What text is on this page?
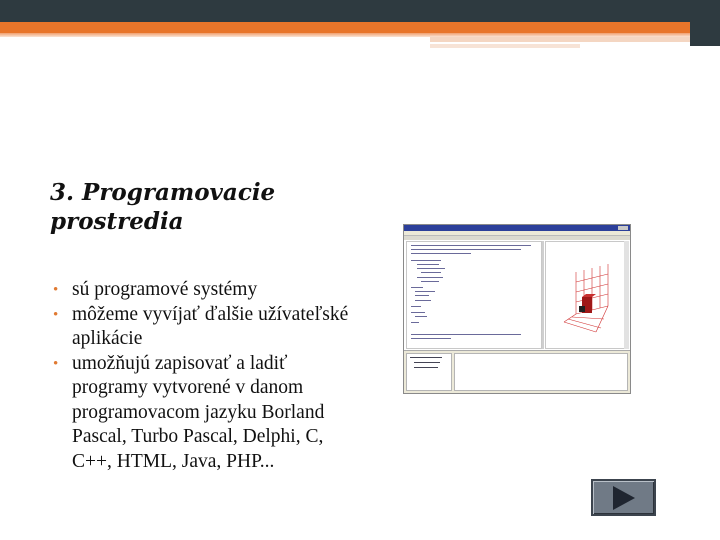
3. Programovacie prostredia
• sú programové systémy
• môžeme vyvíjať ďalšie užívateľské aplikácie
• umožňujú zapisovať a ladiť programy vytvorené v danom programovacom jazyku Borland Pascal, Turbo Pascal, Delphi, C, C++, HTML, Java, PHP...
